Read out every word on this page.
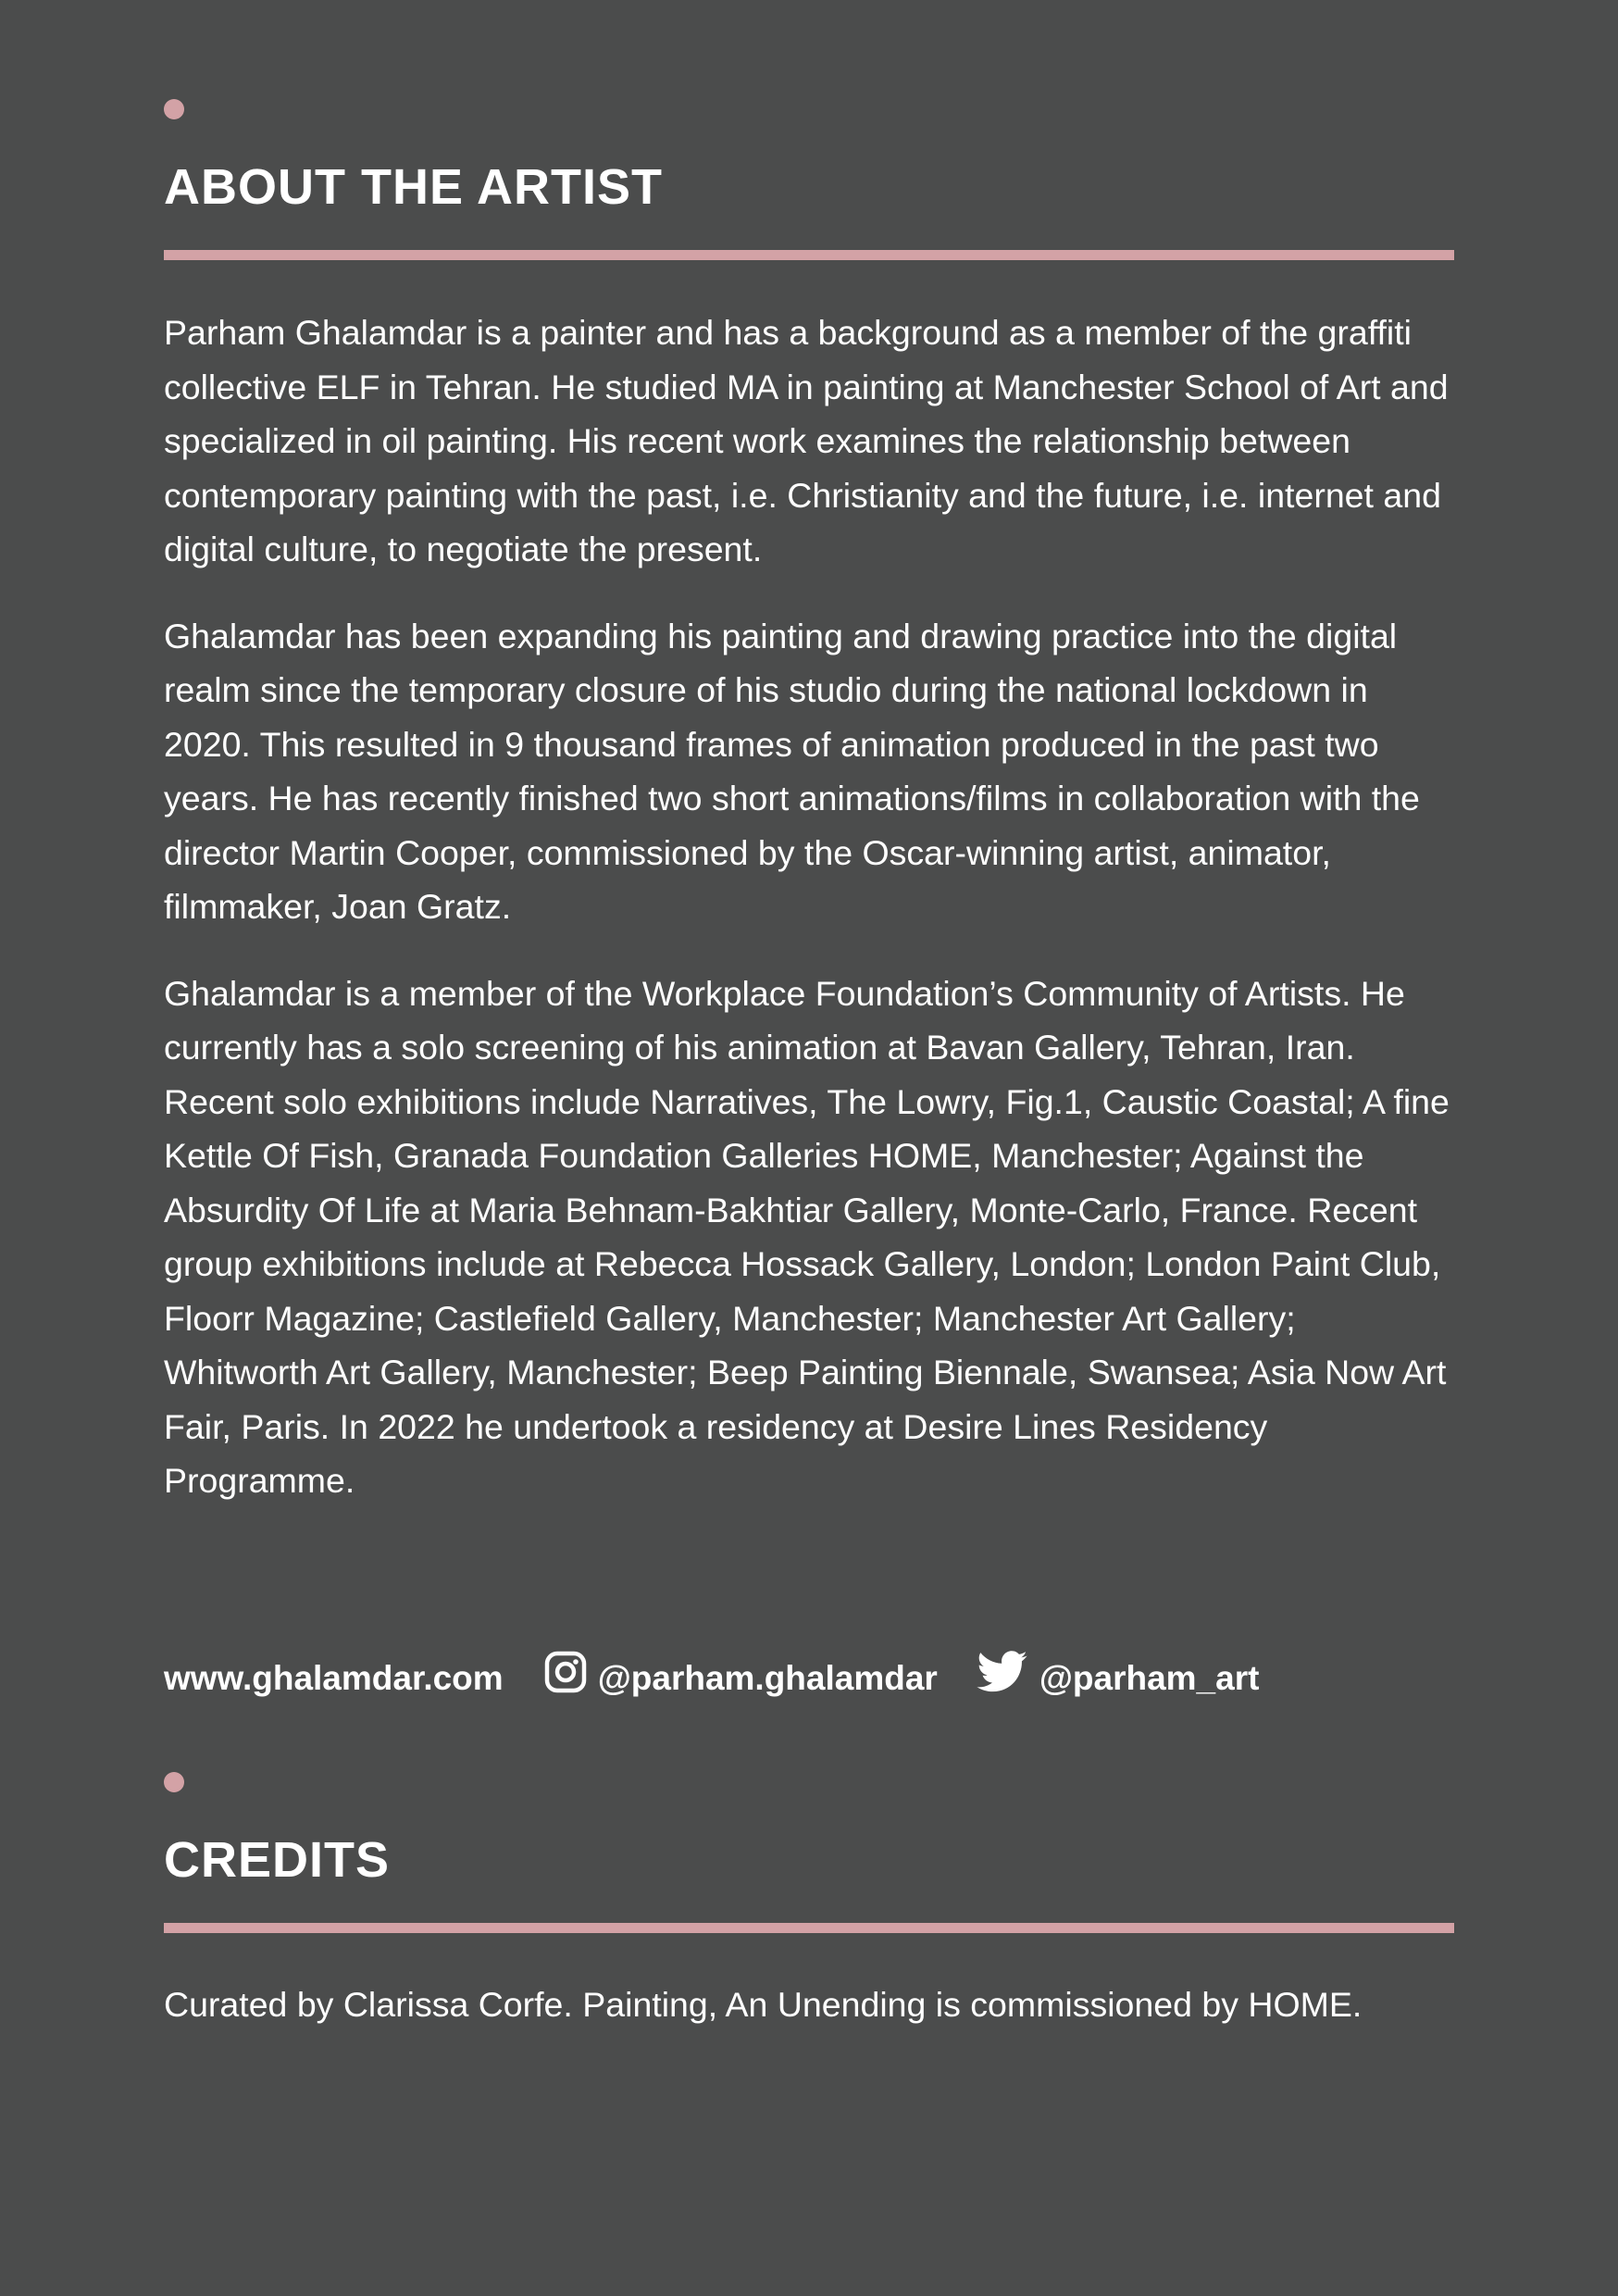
ABOUT THE ARTIST

Parham Ghalamdar is a painter and has a background as a member of the graffiti collective ELF in Tehran. He studied MA in painting at Manchester School of Art and specialized in oil painting. His recent work examines the relationship between contemporary painting with the past, i.e. Christianity and the future, i.e. internet and digital culture, to negotiate the present.

Ghalamdar has been expanding his painting and drawing practice into the digital realm since the temporary closure of his studio during the national lockdown in 2020. This resulted in 9 thousand frames of animation produced in the past two years. He has recently finished two short animations/films in collaboration with the director Martin Cooper, commissioned by the Oscar-winning artist, animator, filmmaker, Joan Gratz.

Ghalamdar is a member of the Workplace Foundation’s Community of Artists. He currently has a solo screening of his animation at Bavan Gallery, Tehran, Iran. Recent solo exhibitions include Narratives, The Lowry, Fig.1, Caustic Coastal; A fine Kettle Of Fish, Granada Foundation Galleries HOME, Manchester; Against the Absurdity Of Life at Maria Behnam-Bakhtiar Gallery, Monte-Carlo, France. Recent group exhibitions include at Rebecca Hossack Gallery, London; London Paint Club, Floorr Magazine; Castlefield Gallery, Manchester; Manchester Art Gallery; Whitworth Art Gallery, Manchester; Beep Painting Biennale, Swansea; Asia Now Art Fair, Paris. In 2022 he undertook a residency at Desire Lines Residency Programme.

www.ghalamdar.com	@parham.ghalamdar	@parham_art
CREDITS

Curated by Clarissa Corfe. Painting, An Unending is commissioned by HOME.
